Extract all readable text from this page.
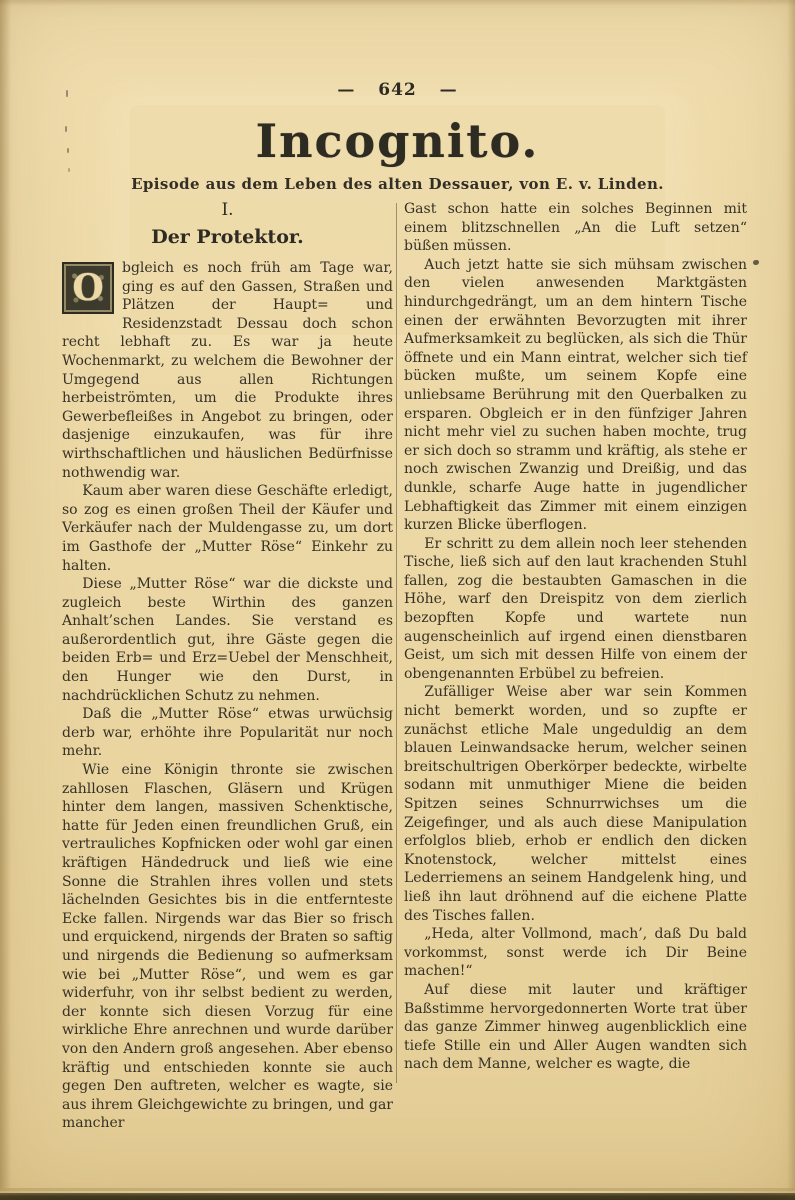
— 642 —
Incognito.
Episode aus dem Leben des alten Dessauer, von E. v. Linden.
I.
Der Protektor.

O	bgleich es noch früh am Tage war, ging es auf den Gassen, Straßen und Plätzen der Haupt= und Residenzstadt Dessau doch schon recht lebhaft zu. Es war ja heute Wochenmarkt, zu welchem die Bewohner der Umgegend aus allen Richtungen herbeiströmten, um die Produkte ihres Gewerbefleißes in Angebot zu bringen, oder dasjenige einzukaufen, was für ihre wirthschaftlichen und häuslichen Bedürfnisse nothwendig war.

Kaum aber waren diese Geschäfte erledigt, so zog es einen großen Theil der Käufer und Verkäufer nach der Muldengasse zu, um dort im Gasthofe der „Mutter Röse“ Einkehr zu halten.

Diese „Mutter Röse“ war die dickste und zugleich beste Wirthin des ganzen Anhalt’schen Landes. Sie verstand es außerordentlich gut, ihre Gäste gegen die beiden Erb= und Erz=Uebel der Menschheit, den Hunger wie den Durst, in nachdrücklichen Schutz zu nehmen.

Daß die „Mutter Röse“ etwas urwüchsig derb war, erhöhte ihre Popularität nur noch mehr.

Wie eine Königin thronte sie zwischen zahllosen Flaschen, Gläsern und Krügen hinter dem langen, massiven Schenktische, hatte für Jeden einen freundlichen Gruß, ein vertrauliches Kopfnicken oder wohl gar einen kräftigen Händedruck und ließ wie eine Sonne die Strahlen ihres vollen und stets lächelnden Gesichtes bis in die entfernteste Ecke fallen. Nirgends war das Bier so frisch und erquickend, nirgends der Braten so saftig und nirgends die Bedienung so aufmerksam wie bei „Mutter Röse“, und wem es gar widerfuhr, von ihr selbst bedient zu werden, der konnte sich diesen Vorzug für eine wirkliche Ehre anrechnen und wurde darüber von den Andern groß angesehen. Aber ebenso kräftig und entschieden konnte sie auch gegen Den auftreten, welcher es wagte, sie aus ihrem Gleichgewichte zu bringen, und gar mancher

Gast schon hatte ein solches Beginnen mit einem blitzschnellen „An die Luft setzen“ büßen müssen.

Auch jetzt hatte sie sich mühsam zwischen den vielen anwesenden Marktgästen hindurchgedrängt, um an dem hintern Tische einen der erwähnten Bevorzugten mit ihrer Aufmerksamkeit zu beglücken, als sich die Thür öffnete und ein Mann eintrat, welcher sich tief bücken mußte, um seinem Kopfe eine unliebsame Berührung mit den Querbalken zu ersparen. Obgleich er in den fünfziger Jahren nicht mehr viel zu suchen haben mochte, trug er sich doch so stramm und kräftig, als stehe er noch zwischen Zwanzig und Dreißig, und das dunkle, scharfe Auge hatte in jugendlicher Lebhaftigkeit das Zimmer mit einem einzigen kurzen Blicke überflogen.

Er schritt zu dem allein noch leer stehenden Tische, ließ sich auf den laut krachenden Stuhl fallen, zog die bestaubten Gamaschen in die Höhe, warf den Dreispitz von dem zierlich bezopften Kopfe und wartete nun augenscheinlich auf irgend einen dienstbaren Geist, um sich mit dessen Hilfe von einem der obengenannten Erbübel zu befreien.

Zufälliger Weise aber war sein Kommen nicht bemerkt worden, und so zupfte er zunächst etliche Male ungeduldig an dem blauen Leinwandsacke herum, welcher seinen breitschultrigen Oberkörper bedeckte, wirbelte sodann mit unmuthiger Miene die beiden Spitzen seines Schnurrwichses um die Zeigefinger, und als auch diese Manipulation erfolglos blieb, erhob er endlich den dicken Knotenstock, welcher mittelst eines Lederriemens an seinem Handgelenk hing, und ließ ihn laut dröhnend auf die eichene Platte des Tisches fallen.

„Heda, alter Vollmond, mach’, daß Du bald vorkommst, sonst werde ich Dir Beine machen!“

Auf diese mit lauter und kräftiger Baßstimme hervorgedonnerten Worte trat über das ganze Zimmer hinweg augenblicklich eine tiefe Stille ein und Aller Augen wandten sich nach dem Manne, welcher es wagte, die
